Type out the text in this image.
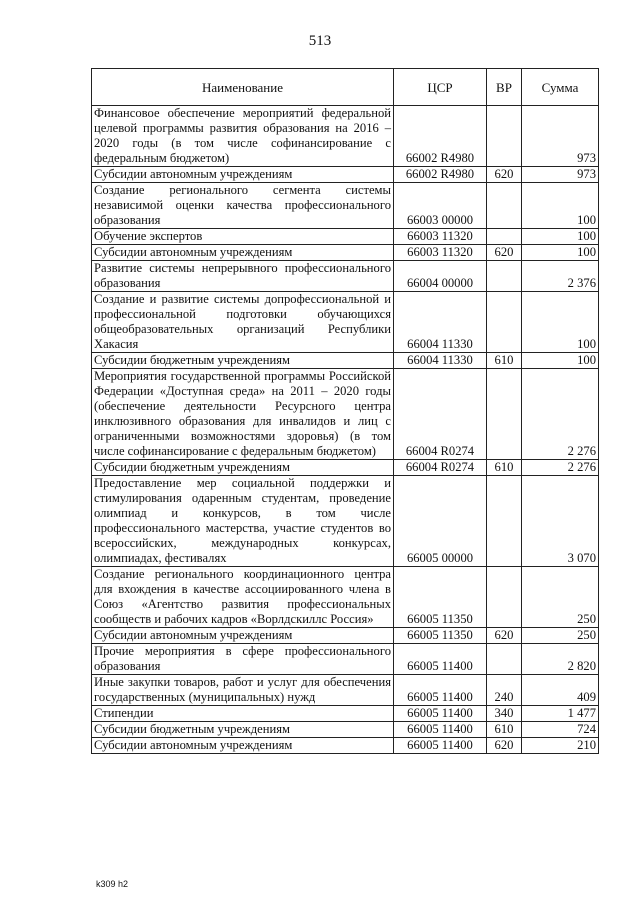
513
Наименование	ЦСР	ВР	Сумма
Финансовое обеспечение мероприятий федеральной целевой программы развития образования на 2016 – 2020 годы (в том числе софинансирование с федеральным бюджетом)	66002 R4980		973
Субсидии автономным учреждениям	66002 R4980	620	973
Создание регионального сегмента системы независимой оценки качества профессионального образования	66003 00000		100
Обучение экспертов	66003 11320		100
Субсидии автономным учреждениям	66003 11320	620	100
Развитие системы непрерывного профессионального образования	66004 00000		2 376
Создание и развитие системы допрофессиональной и профессиональной подготовки обучающихся общеобразовательных организаций Республики Хакасия	66004 11330		100
Субсидии бюджетным учреждениям	66004 11330	610	100
Мероприятия государственной программы Российской Федерации «Доступная среда» на 2011 – 2020 годы (обеспечение деятельности Ресурсного центра инклюзивного образования для инвалидов и лиц с ограниченными возможностями здоровья) (в том числе софинансирование с федеральным бюджетом)	66004 R0274		2 276
Субсидии бюджетным учреждениям	66004 R0274	610	2 276
Предоставление мер социальной поддержки и стимулирования одаренным студентам, проведение олимпиад и конкурсов, в том числе профессионального мастерства, участие студентов во всероссийских, международных конкурсах, олимпиадах, фестивалях	66005 00000		3 070
Создание регионального координационного центра для вхождения в качестве ассоциированного члена в Союз «Агентство развития профессиональных сообществ и рабочих кадров «Ворлдскиллс Россия»	66005 11350		250
Субсидии автономным учреждениям	66005 11350	620	250
Прочие мероприятия в сфере профессионального образования	66005 11400		2 820
Иные закупки товаров, работ и услуг для обеспечения государственных (муниципальных) нужд	66005 11400	240	409
Стипендии	66005 11400	340	1 477
Субсидии бюджетным учреждениям	66005 11400	610	724
Субсидии автономным учреждениям	66005 11400	620	210
k309 h2
